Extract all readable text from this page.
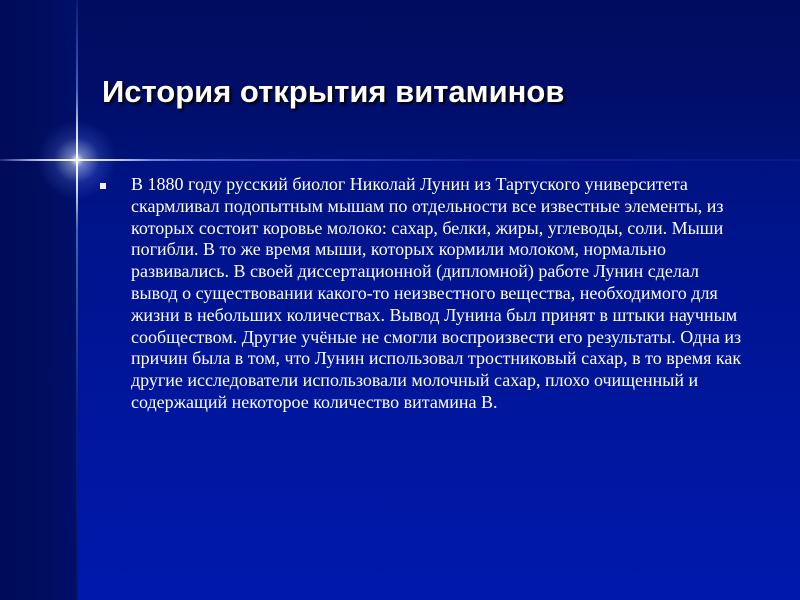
История открытия витаминов

В 1880 году русский биолог Николай Лунин из Тартуского университета скармливал подопытным мышам по отдельности все известные элементы, из которых состоит коровье молоко: сахар, белки, жиры, углеводы, соли. Мыши погибли. В то же время мыши, которых кормили молоком, нормально развивались. В своей диссертационной (дипломной) работе Лунин сделал вывод о существовании какого-то неизвестного вещества, необходимого для жизни в небольших количествах. Вывод Лунина был принят в штыки научным сообществом. Другие учёные не смогли воспроизвести его результаты. Одна из причин была в том, что Лунин использовал тростниковый сахар, в то время как другие исследователи использовали молочный сахар, плохо очищенный и содержащий некоторое количество витамина B.
